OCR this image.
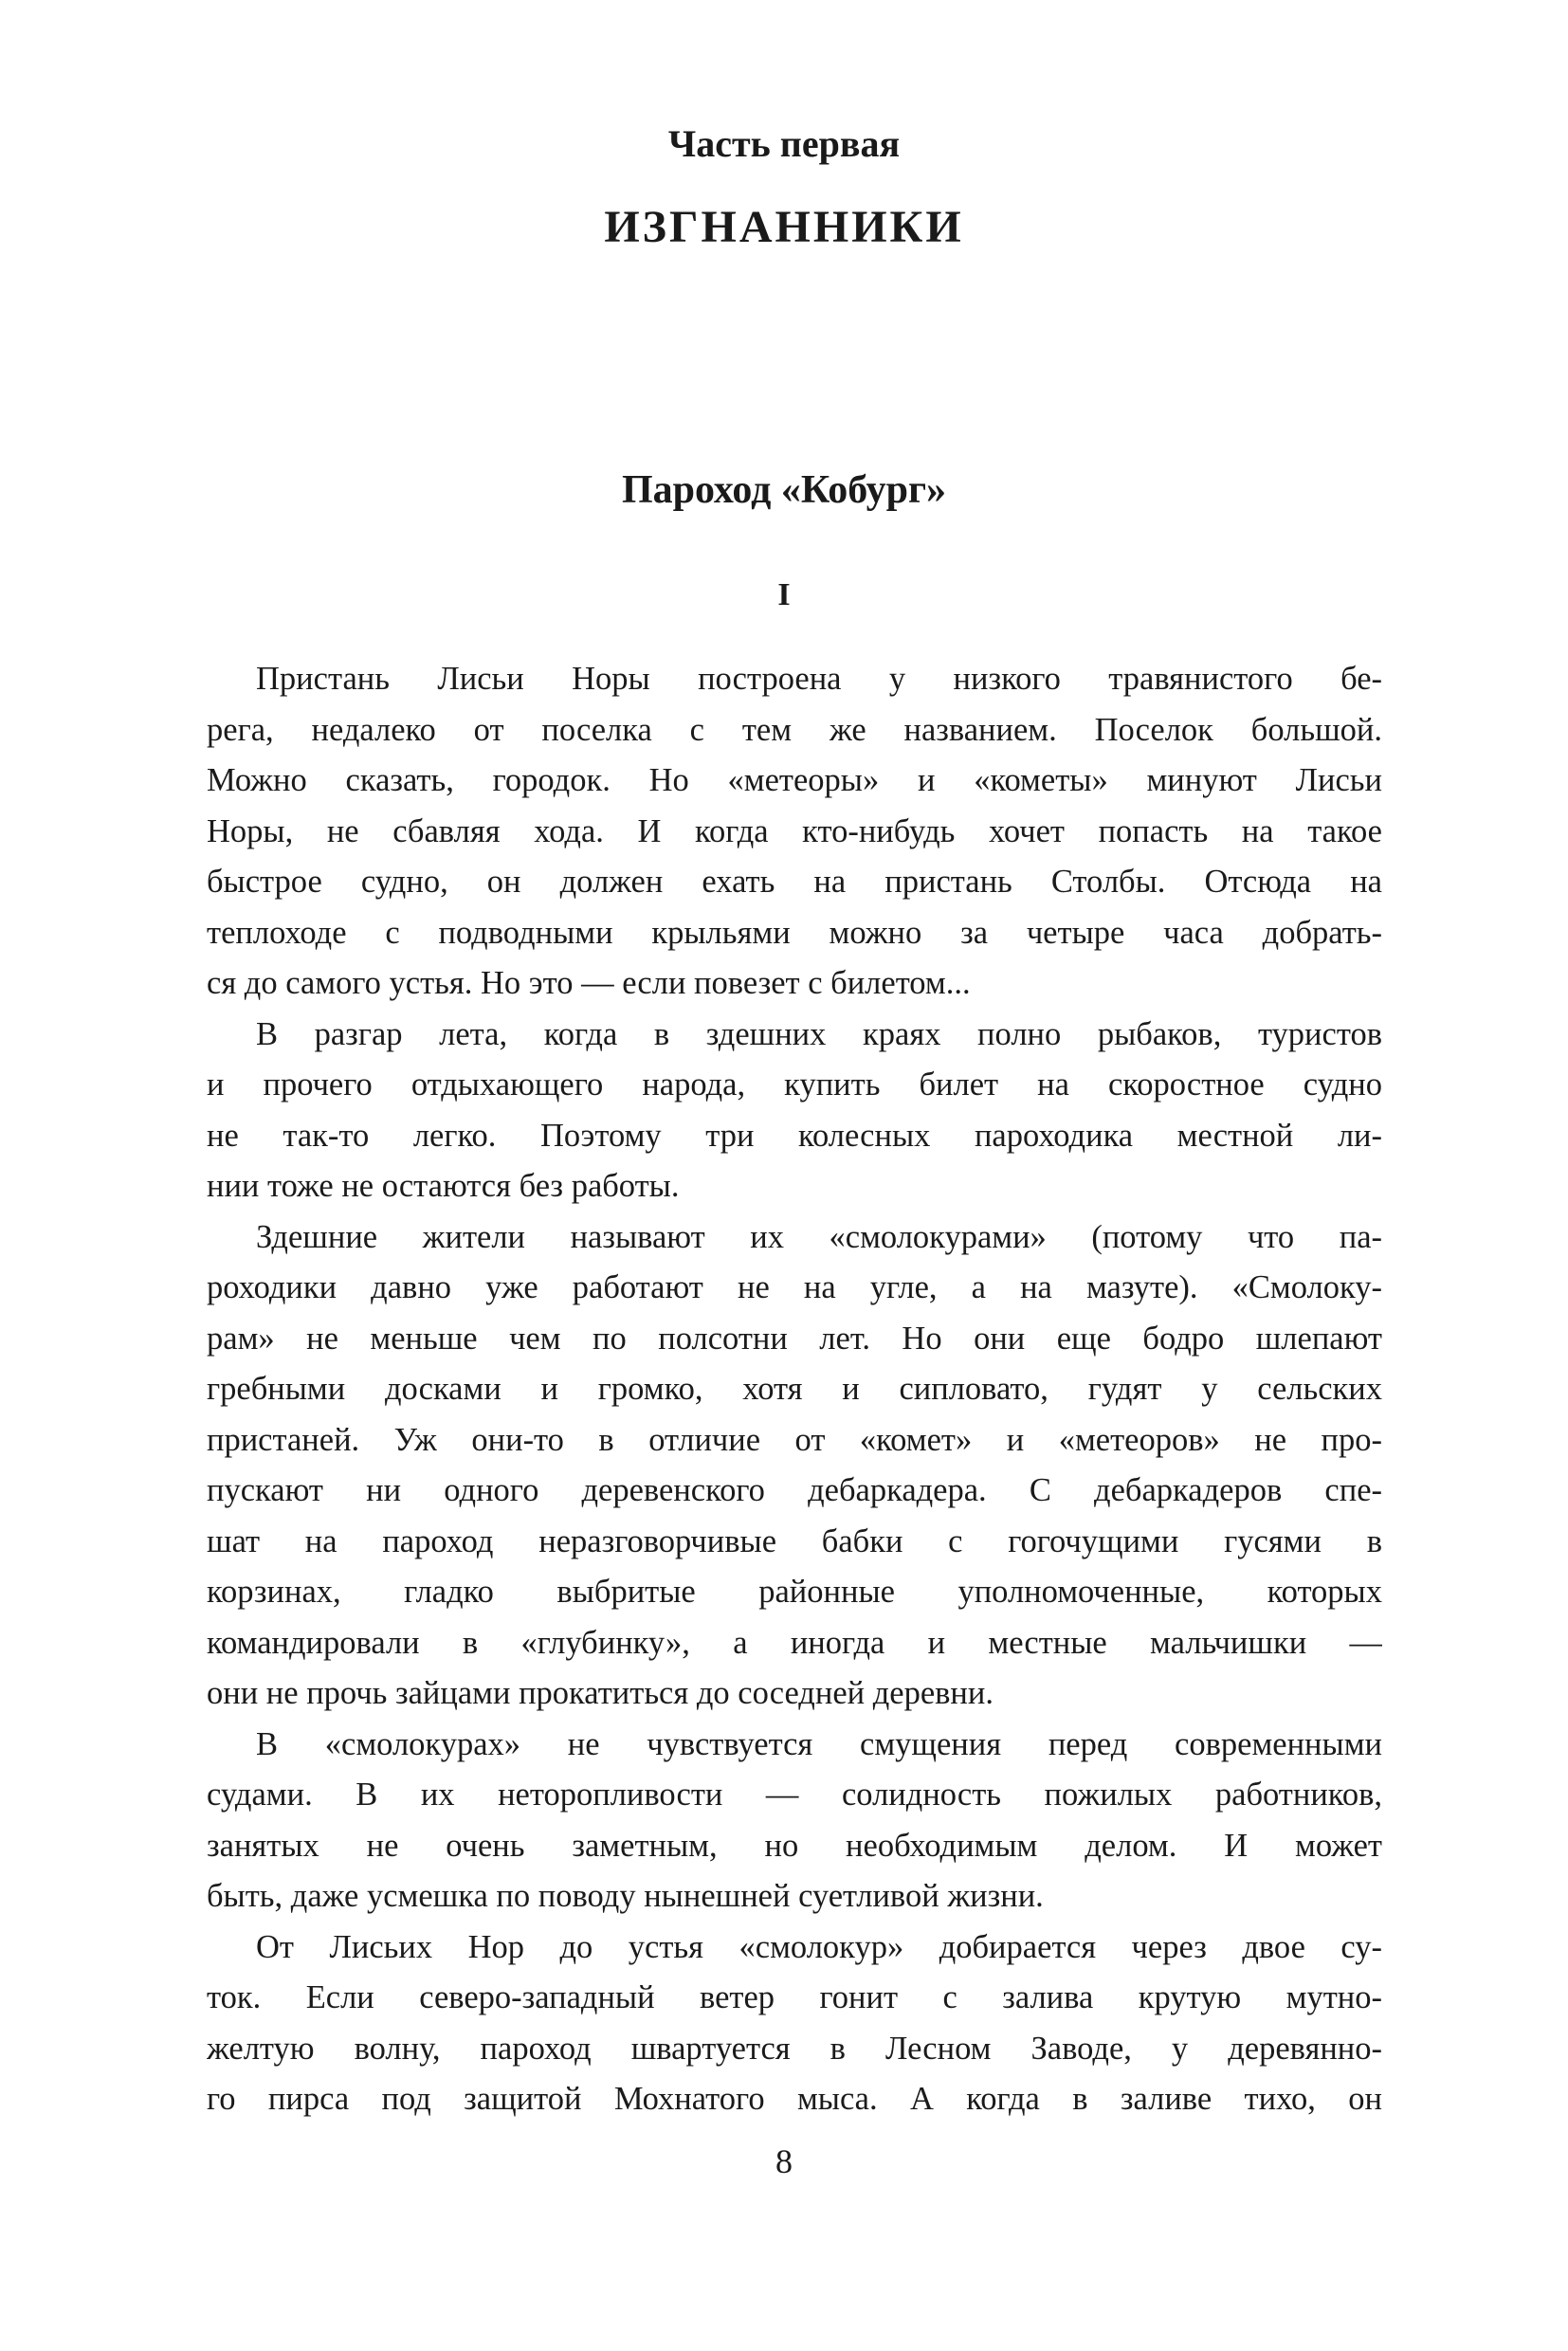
Часть первая
ИЗГНАННИКИ
Пароход «Кобург»
I

Пристань Лисьи Норы построена у низкого травянистого бе-
рега, недалеко от поселка с тем же названием. Поселок большой.
Можно сказать, городок. Но «метеоры» и «кометы» минуют Лисьи
Норы, не сбавляя хода. И когда кто-нибудь хочет попасть на такое
быстрое судно, он должен ехать на пристань Столбы. Отсюда на
теплоходе с подводными крыльями можно за четыре часа добрать-
ся до самого устья. Но это — если повезет с билетом...

В разгар лета, когда в здешних краях полно рыбаков, туристов
и прочего отдыхающего народа, купить билет на скоростное судно
не так-то легко. Поэтому три колесных пароходика местной ли-
нии тоже не остаются без работы.

Здешние жители называют их «смолокурами» (потому что па-
роходики давно уже работают не на угле, а на мазуте). «Смолоку-
рам» не меньше чем по полсотни лет. Но они еще бодро шлепают
гребными досками и громко, хотя и сипловато, гудят у сельских
пристаней. Уж они-то в отличие от «комет» и «метеоров» не про-
пускают ни одного деревенского дебаркадера. С дебаркадеров спе-
шат на пароход неразговорчивые бабки с гогочущими гусями в
корзинах, гладко выбритые районные уполномоченные, которых
командировали в «глубинку», а иногда и местные мальчишки —
они не прочь зайцами прокатиться до соседней деревни.

В «смолокурах» не чувствуется смущения перед современными
судами. В их неторопливости — солидность пожилых работников,
занятых не очень заметным, но необходимым делом. И может
быть, даже усмешка по поводу нынешней суетливой жизни.

От Лисьих Нор до устья «смолокур» добирается через двое су-
ток. Если северо-западный ветер гонит с залива крутую мутно-
желтую волну, пароход швартуется в Лесном Заводе, у деревянно-
го пирса под защитой Мохнатого мыса. А когда в заливе тихо, он

8
